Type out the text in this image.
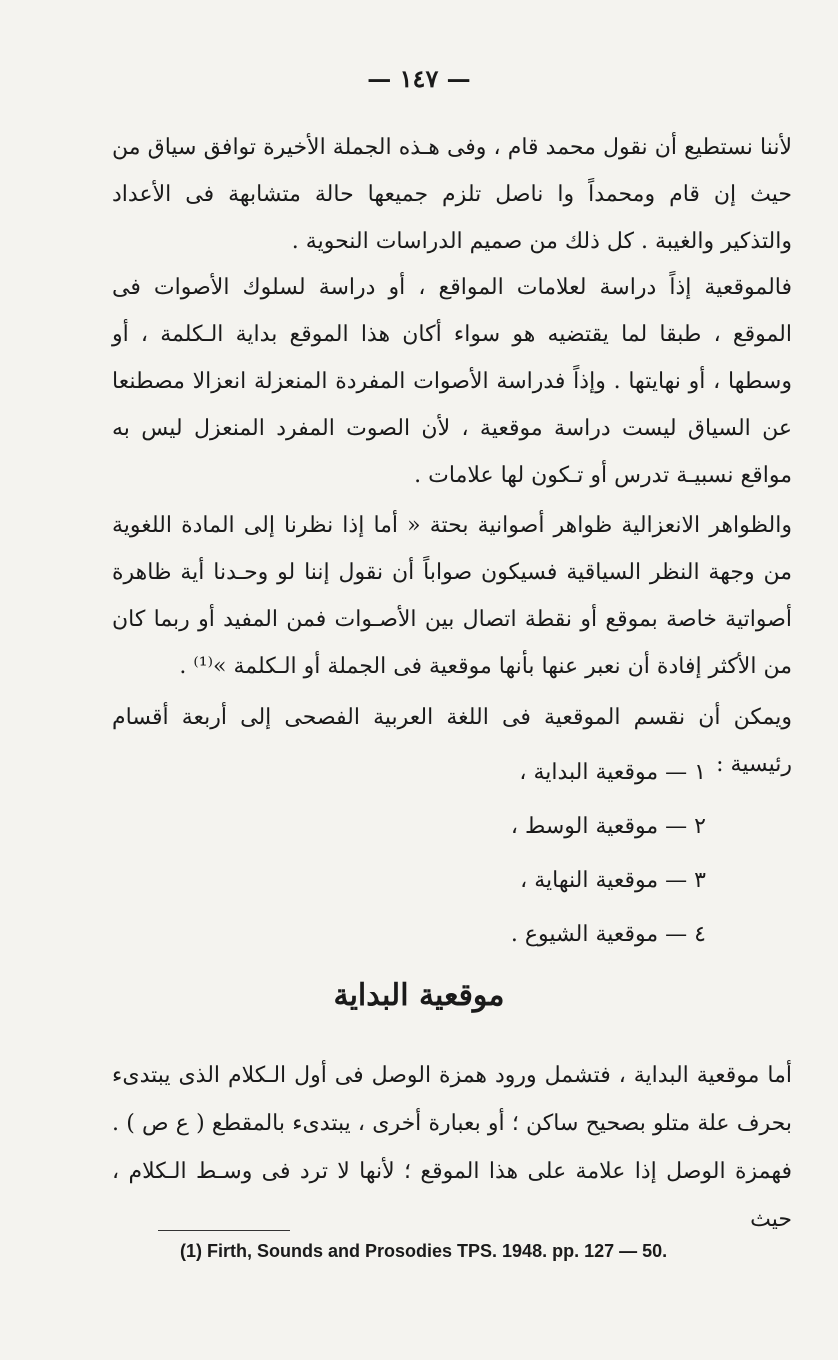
— ١٤٧ —

لأننا نستطيع أن نقول محمد قام ، وفى هـذه الجملة الأخيرة توافق سياق من حيث إن قام ومحمداً وا ناصل تلزم جميعها حالة متشابهة فى الأعداد والتذكير والغيبة . كل ذلك من صميم الدراسات النحوية .

فالموقعية إذاً دراسة لعلامات المواقع ، أو دراسة لسلوك الأصوات فى الموقع ، طبقا لما يقتضيه هو سواء أكان هذا الموقع بداية الـكلمة ، أو وسطها ، أو نهايتها . وإذاً فدراسة الأصوات المفردة المنعزلة انعزالا مصطنعا عن السياق ليست دراسة موقعية ، لأن الصوت المفرد المنعزل ليس به مواقع نسبيـة تدرس أو تـكون لها علامات .

والظواهر الانعزالية ظواهر أصوانية بحتة « أما إذا نظرنا إلى المادة اللغوية من وجهة النظر السياقية فسيكون صواباً أن نقول إننا لو وحـدنا أية ظاهرة أصواتية خاصة بموقع أو نقطة اتصال بين الأصـوات فمن المفيد أو ربما كان من الأكثر إفادة أن نعبر عنها بأنها موقعية فى الجملة أو الـكلمة »⁽¹⁾ .

ويمكن أن نقسم الموقعية فى اللغة العربية الفصحى إلى أربعة أقسام رئيسية :

١ — موقعية البداية ،
٢ — موقعية الوسط ،
٣ — موقعية النهاية ،
٤ — موقعية الشيوع .
موقعية البداية

أما موقعية البداية ، فتشمل ورود همزة الوصل فى أول الـكلام الذى يبتدىء بحرف علة متلو بصحيح ساكن ؛ أو بعبارة أخرى ، يبتدىء بالمقطع ( ع ص ) . فهمزة الوصل إذا علامة على هذا الموقع ؛ لأنها لا ترد فى وسـط الـكلام ، حيث

(1) Firth, Sounds and Prosodies TPS. 1948. pp. 127 — 50.
